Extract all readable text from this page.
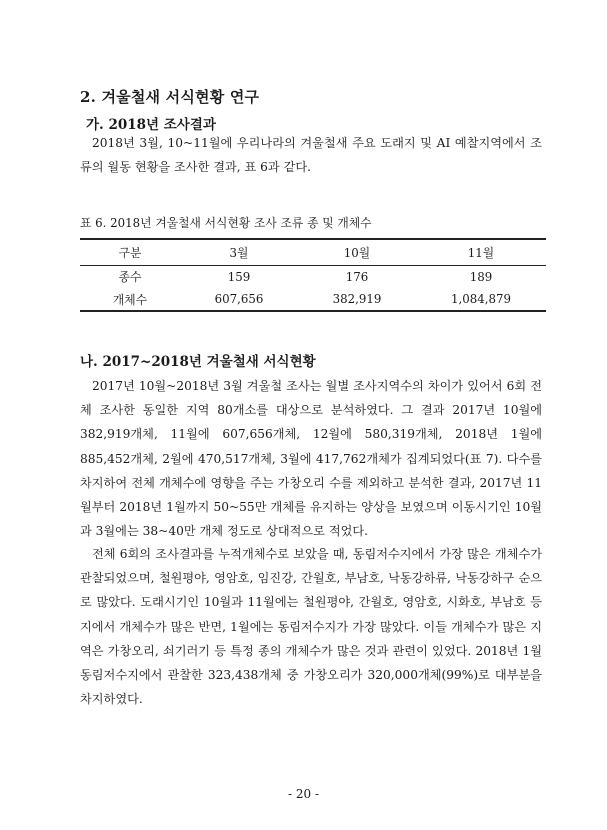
2. 겨울철새 서식현황 연구
가. 2018년 조사결과

2018년 3월, 10~11월에 우리나라의 겨울철새 주요 도래지 및 AI 예찰지역에서 조류의 월동 현황을 조사한 결과, 표 6과 같다.

표 6. 2018년 겨울철새 서식현황 조사 조류 종 및 개체수
구분	3월	10월	11월
종수	159	176	189
개체수	607,656	382,919	1,084,879
나. 2017~2018년 겨울철새 서식현황

2017년 10월~2018년 3월 겨울철 조사는 월별 조사지역수의 차이가 있어서 6회 전체 조사한 동일한 지역 80개소를 대상으로 분석하였다. 그 결과 2017년 10월에 382,919개체, 11월에 607,656개체, 12월에 580,319개체, 2018년 1월에 885,452개체, 2월에 470,517개체, 3월에 417,762개체가 집계되었다(표 7). 다수를 차지하여 전체 개체수에 영향을 주는 가창오리 수를 제외하고 분석한 결과, 2017년 11월부터 2018년 1월까지 50~55만 개체를 유지하는 양상을 보였으며 이동시기인 10월과 3월에는 38~40만 개체 정도로 상대적으로 적었다.

전체 6회의 조사결과를 누적개체수로 보았을 때, 동림저수지에서 가장 많은 개체수가 관찰되었으며, 철원평야, 영암호, 임진강, 간월호, 부남호, 낙동강하류, 낙동강하구 순으로 많았다. 도래시기인 10월과 11월에는 철원평야, 간월호, 영암호, 시화호, 부남호 등지에서 개체수가 많은 반면, 1월에는 동림저수지가 가장 많았다. 이들 개체수가 많은 지역은 가창오리, 쇠기러기 등 특정 종의 개체수가 많은 것과 관련이 있었다. 2018년 1월 동림저수지에서 관찰한 323,438개체 중 가창오리가 320,000개체(99%)로 대부분을 차지하였다.

- 20 -
